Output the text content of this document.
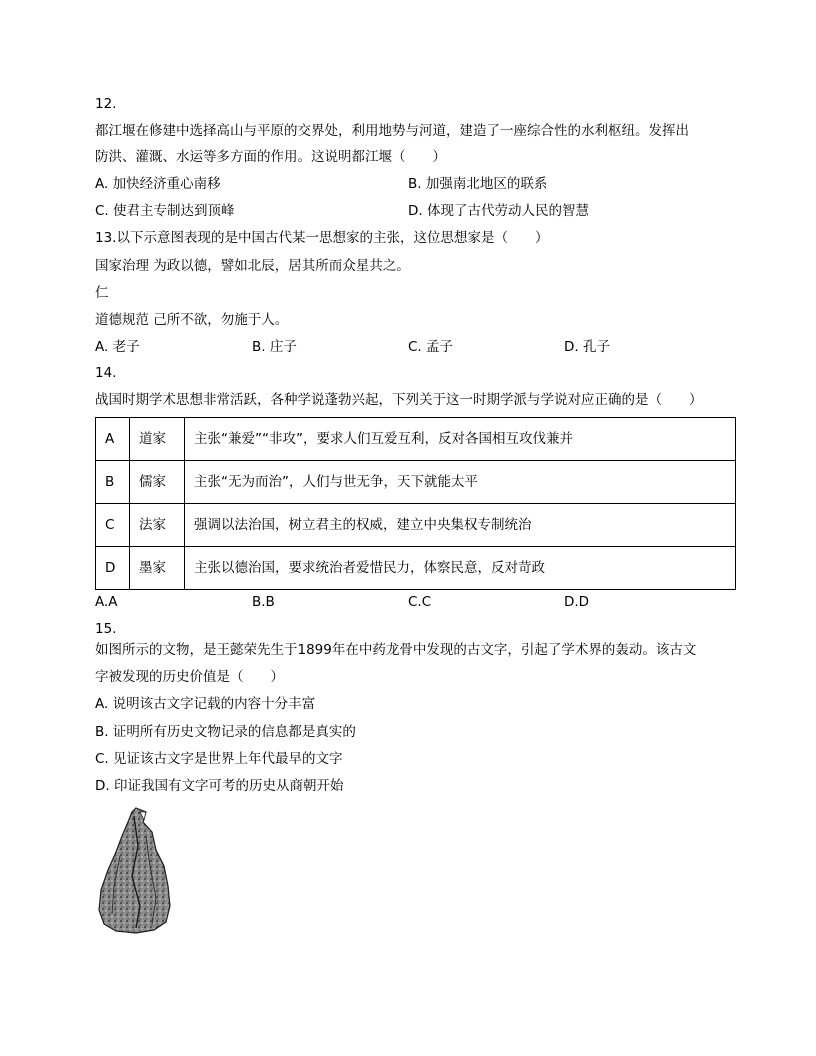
12.
都江堰在修建中选择高山与平原的交界处，利用地势与河道，建造了一座综合性的水利枢纽。发挥出
防洪、灌溉、水运等多方面的作用。这说明都江堰（　　）
A. 加快经济重心南移	B. 加强南北地区的联系
C. 使君主专制达到顶峰	D. 体现了古代劳动人民的智慧
13.以下示意图表现的是中国古代某一思想家的主张，这位思想家是（　　）
国家治理 为政以德，譬如北辰，居其所而众星共之。
仁
道德规范 己所不欲，勿施于人。
A. 老子	B. 庄子	C. 孟子	D. 孔子
14.
战国时期学术思想非常活跃，各种学说蓬勃兴起，下列关于这一时期学派与学说对应正确的是（　　）
A	道家	主张“兼爱”“非攻”，要求人们互爱互利，反对各国相互攻伐兼并
B	儒家	主张“无为而治”，人们与世无争，天下就能太平
C	法家	强调以法治国，树立君主的权威，建立中央集权专制统治
D	墨家	主张以德治国，要求统治者爱惜民力，体察民意，反对苛政
A.A	B.B	C.C	D.D
15.
如图所示的文物，是王懿荣先生于1899年在中药龙骨中发现的古文字，引起了学术界的轰动。该古文
字被发现的历史价值是（　　）
A. 说明该古文字记载的内容十分丰富
B. 证明所有历史文物记录的信息都是真实的
C. 见证该古文字是世界上年代最早的文字
D. 印证我国有文字可考的历史从商朝开始
